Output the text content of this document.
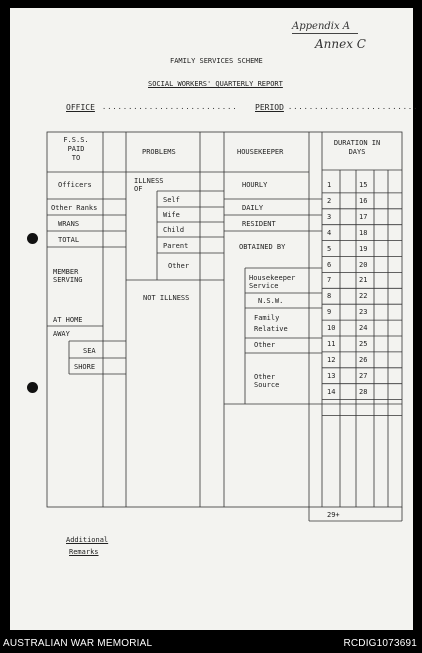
Appendix A
Annex C
FAMILY SERVICES SCHEME
SOCIAL WORKERS' QUARTERLY REPORT
OFFICE .......................... PERIOD .........................
F.S.S.
PAID
TO
PROBLEMS	HOUSEKEEPER
DURATION IN
DAYS
Officers
Other Ranks
WRANS
TOTAL
MEMBER
SERVING
AT HOME
AWAY
SEA
SHORE
ILLNESS
OF
Self
Wife
Child
Parent
Other
NOT ILLNESS
HOURLY
DAILY
RESIDENT
OBTAINED BY
Housekeeper
Service
N.S.W.
Family
Relative
Other
Other
Source
1
2
3
4
5
6
7
8
9
10
11
12
13
14
15
16
17
18
19
20
21
22
23
24
25
26
27
28
29+
Additional
Remarks
AUSTRALIAN WAR MEMORIAL	RCDIG1073691
